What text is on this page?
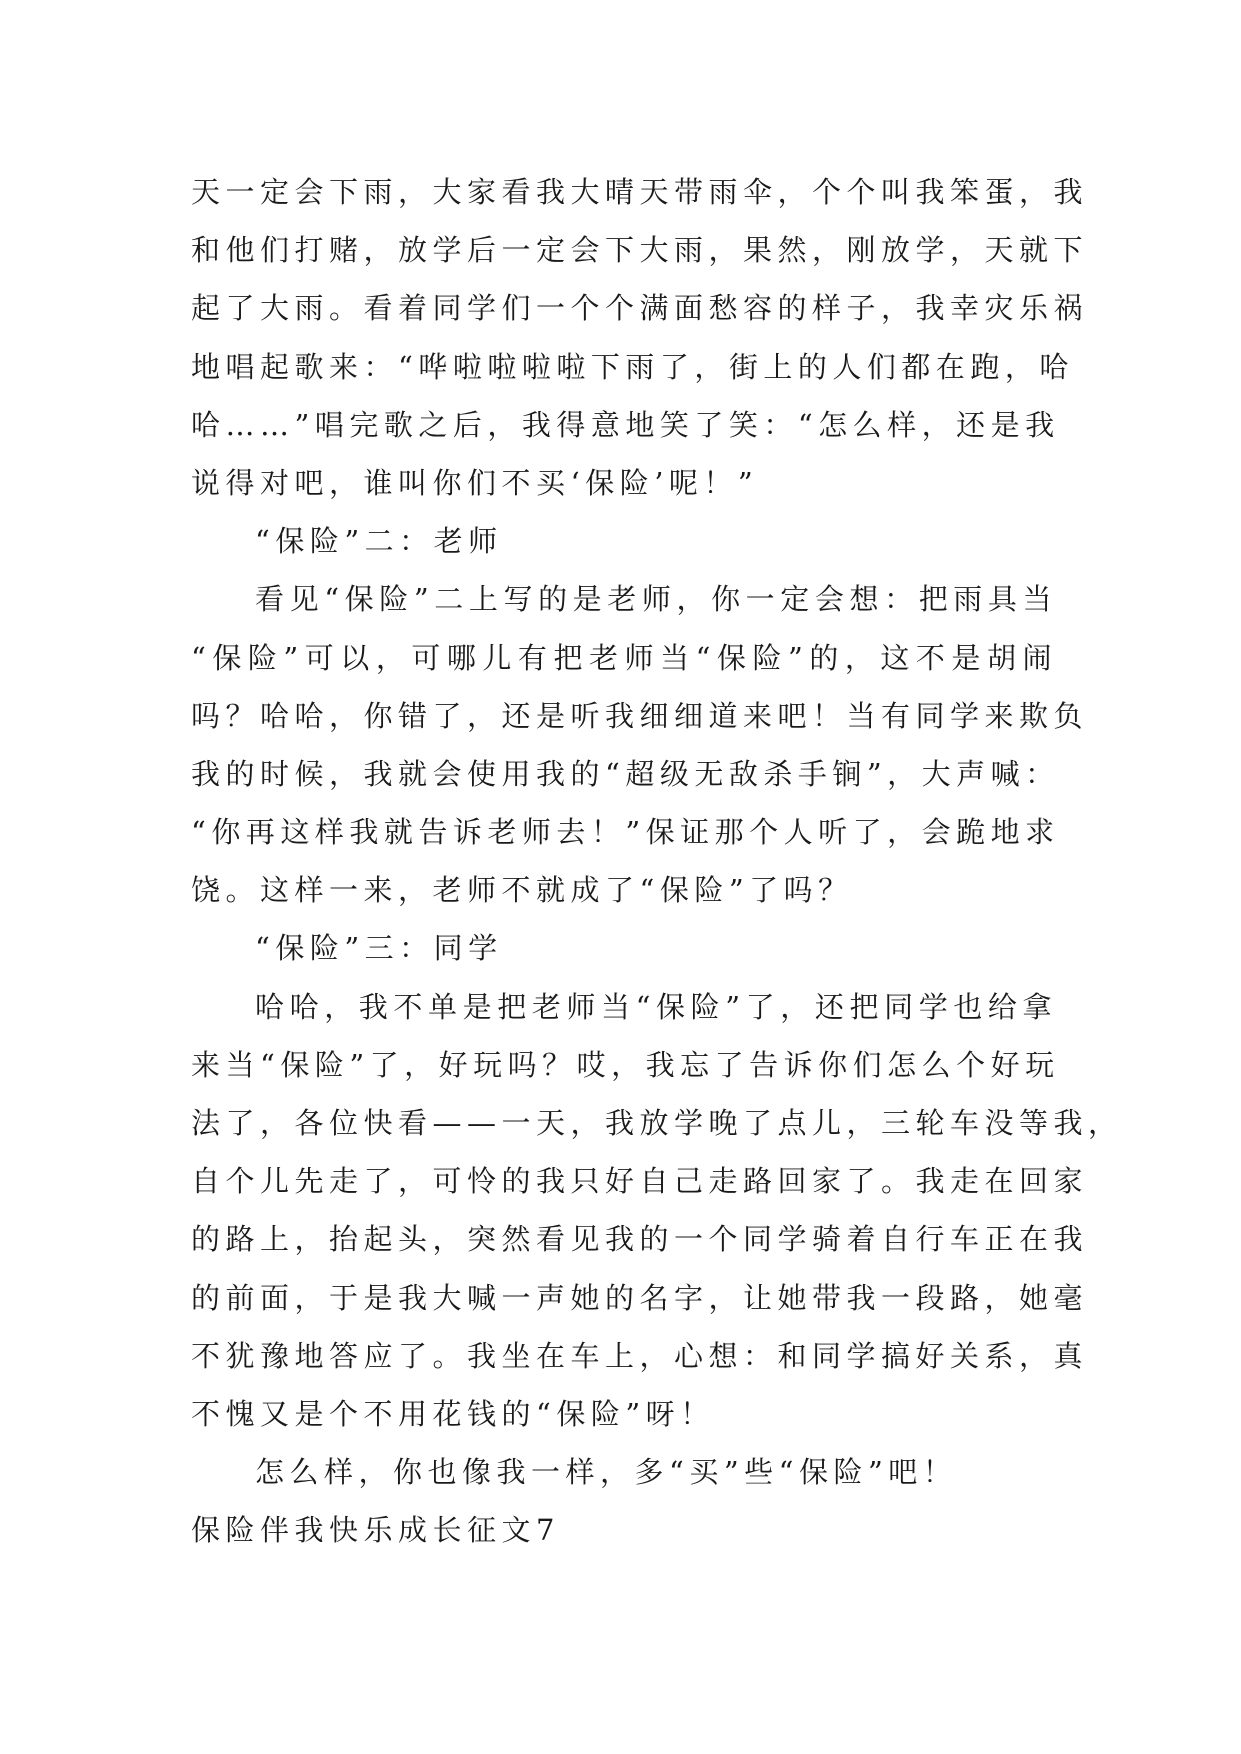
天一定会下雨，大家看我大晴天带雨伞，个个叫我笨蛋，我
和他们打赌，放学后一定会下大雨，果然，刚放学，天就下
起了大雨。看着同学们一个个满面愁容的样子，我幸灾乐祸
地唱起歌来：“哗啦啦啦啦下雨了，街上的人们都在跑，哈
哈……”唱完歌之后，我得意地笑了笑：“怎么样，还是我
说得对吧，谁叫你们不买‘保险’呢！”
“保险”二：老师
看见“保险”二上写的是老师，你一定会想：把雨具当
“保险”可以，可哪儿有把老师当“保险”的，这不是胡闹
吗？哈哈，你错了，还是听我细细道来吧！当有同学来欺负
我的时候，我就会使用我的“超级无敌杀手锏”，大声喊：
“你再这样我就告诉老师去！”保证那个人听了，会跪地求
饶。这样一来，老师不就成了“保险”了吗？
“保险”三：同学
哈哈，我不单是把老师当“保险”了，还把同学也给拿
来当“保险”了，好玩吗？哎，我忘了告诉你们怎么个好玩
法了，各位快看——一天，我放学晚了点儿，三轮车没等我，
自个儿先走了，可怜的我只好自己走路回家了。我走在回家
的路上，抬起头，突然看见我的一个同学骑着自行车正在我
的前面，于是我大喊一声她的名字，让她带我一段路，她毫
不犹豫地答应了。我坐在车上，心想：和同学搞好关系，真
不愧又是个不用花钱的“保险”呀！
怎么样，你也像我一样，多“买”些“保险”吧！
保险伴我快乐成长征文7
